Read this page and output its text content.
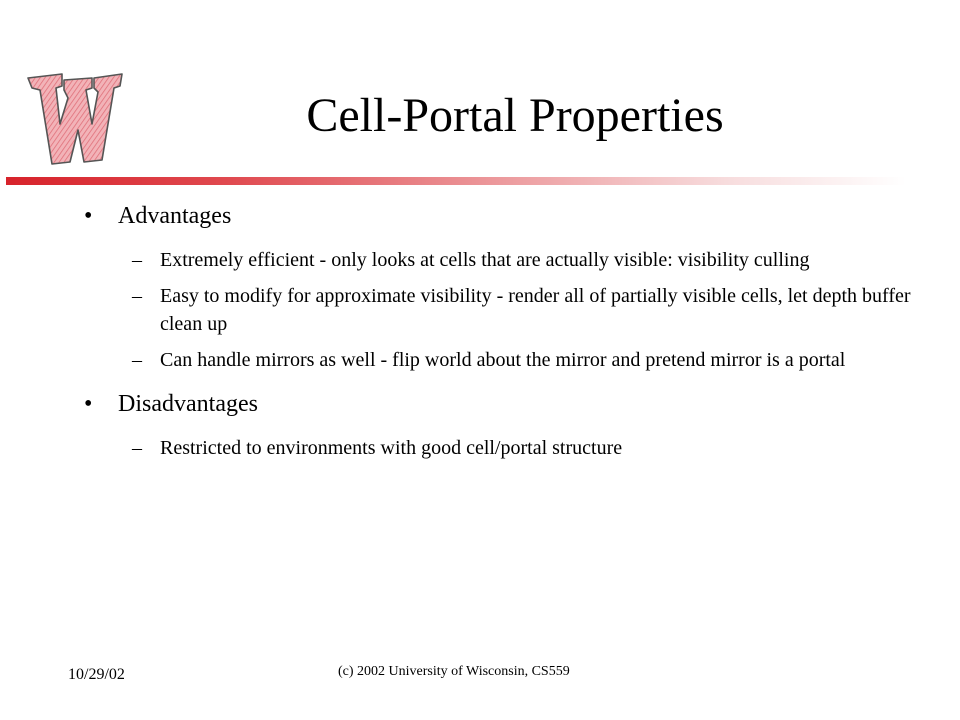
Cell-Portal Properties

• Advantages

– Extremely efficient - only looks at cells that are actually visible: visibility culling

– Easy to modify for approximate visibility - render all of partially visible cells, let depth buffer clean up

– Can handle mirrors as well - flip world about the mirror and pretend mirror is a portal

• Disadvantages

– Restricted to environments with good cell/portal structure

10/29/02	(c) 2002 University of Wisconsin, CS559
